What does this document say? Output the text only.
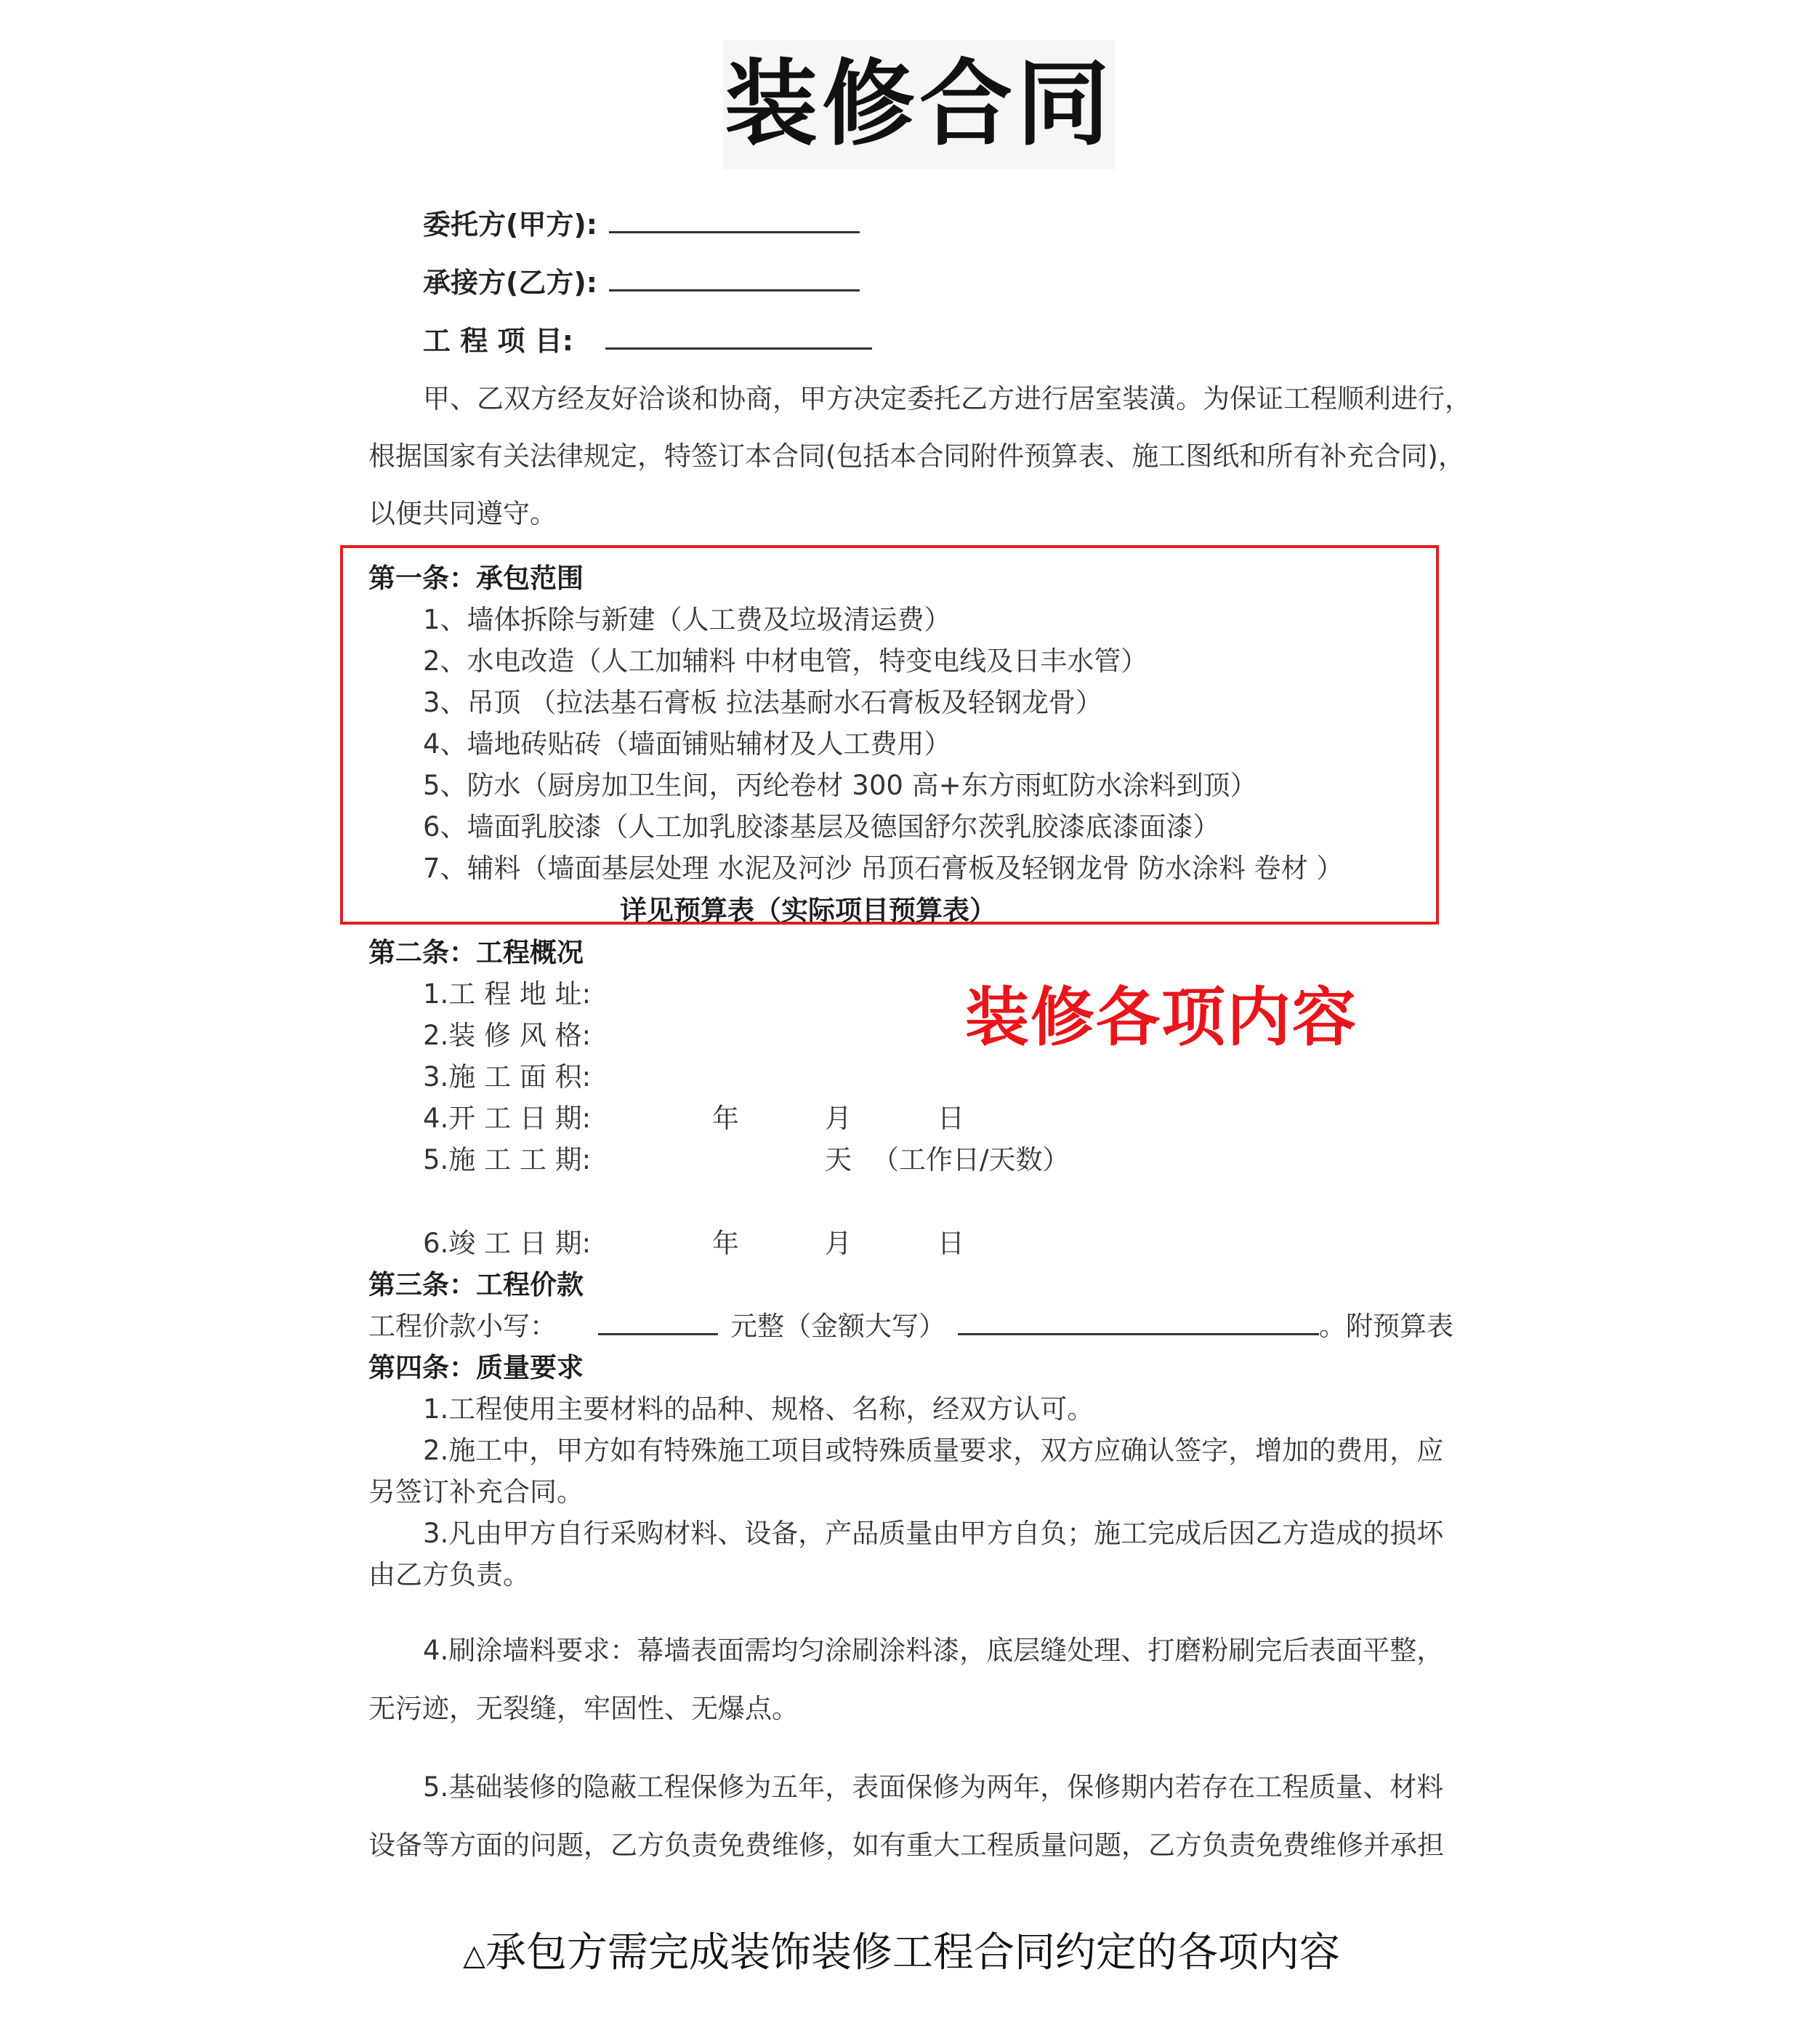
装修合同
委托方(甲方):
承接方(乙方):
工 程 项 目:
甲、乙双方经友好洽谈和协商，甲方决定委托乙方进行居室装潢。为保证工程顺利进行，
根据国家有关法律规定，特签订本合同(包括本合同附件预算表、施工图纸和所有补充合同)，
以便共同遵守。
第一条：承包范围
1、墙体拆除与新建（人工费及垃圾清运费）
2、水电改造（人工加辅料 中材电管，特变电线及日丰水管）
3、吊顶 （拉法基石膏板 拉法基耐水石膏板及轻钢龙骨）
4、墙地砖贴砖（墙面铺贴辅材及人工费用）
5、防水（厨房加卫生间，丙纶卷材 300 高+东方雨虹防水涂料到顶）
6、墙面乳胶漆（人工加乳胶漆基层及德国舒尔茨乳胶漆底漆面漆）
7、辅料（墙面基层处理 水泥及河沙 吊顶石膏板及轻钢龙骨 防水涂料 卷材 ）
详见预算表（实际项目预算表）
装修各项内容
第二条：工程概况
1.工 程 地 址:
2.装 修 风 格:
3.施 工 面 积:
4.开 工 日 期:	年	月	日
5.施 工 工 期:	天 （工作日/天数）
6.竣 工 日 期:	年	月	日
第三条：工程价款
工程价款小写：	元整（金额大写）	。附预算表
第四条：质量要求
1.工程使用主要材料的品种、规格、名称，经双方认可。
2.施工中，甲方如有特殊施工项目或特殊质量要求，双方应确认签字，增加的费用，应
另签订补充合同。
3.凡由甲方自行采购材料、设备，产品质量由甲方自负；施工完成后因乙方造成的损坏
由乙方负责。
4.刷涂墙料要求：幕墙表面需均匀涂刷涂料漆，底层缝处理、打磨粉刷完后表面平整，
无污迹，无裂缝，牢固性、无爆点。
5.基础装修的隐蔽工程保修为五年，表面保修为两年，保修期内若存在工程质量、材料
设备等方面的问题，乙方负责免费维修，如有重大工程质量问题，乙方负责免费维修并承担
△承包方需完成装饰装修工程合同约定的各项内容
